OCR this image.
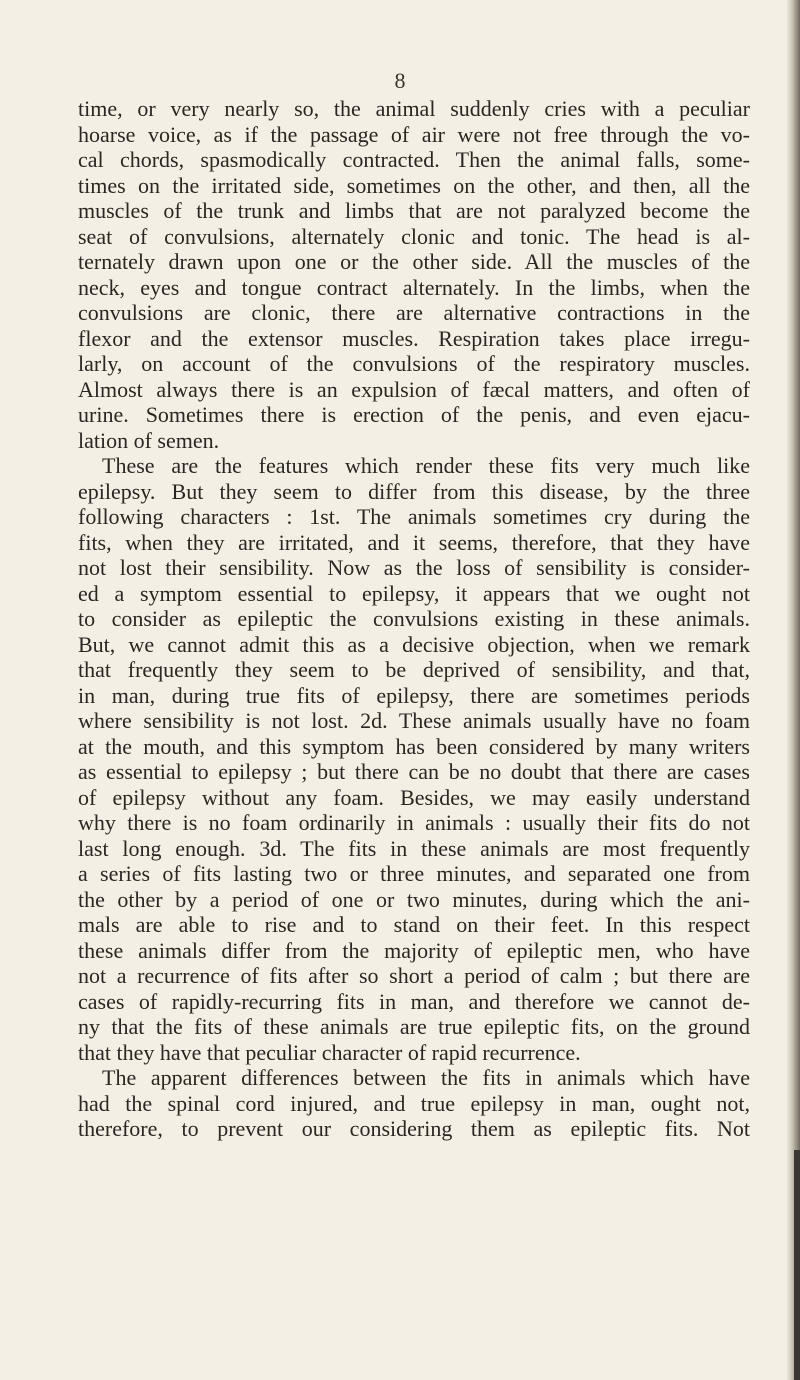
8
time, or very nearly so, the animal suddenly cries with a peculiar
hoarse voice, as if the passage of air were not free through the vo-
cal chords, spasmodically contracted. Then the animal falls, some-
times on the irritated side, sometimes on the other, and then, all the
muscles of the trunk and limbs that are not paralyzed become the
seat of convulsions, alternately clonic and tonic. The head is al-
ternately drawn upon one or the other side. All the muscles of the
neck, eyes and tongue contract alternately. In the limbs, when the
convulsions are clonic, there are alternative contractions in the
flexor and the extensor muscles. Respiration takes place irregu-
larly, on account of the convulsions of the respiratory muscles.
Almost always there is an expulsion of fæcal matters, and often of
urine. Sometimes there is erection of the penis, and even ejacu-
lation of semen.
These are the features which render these fits very much like
epilepsy. But they seem to differ from this disease, by the three
following characters : 1st. The animals sometimes cry during the
fits, when they are irritated, and it seems, therefore, that they have
not lost their sensibility. Now as the loss of sensibility is consider-
ed a symptom essential to epilepsy, it appears that we ought not
to consider as epileptic the convulsions existing in these animals.
But, we cannot admit this as a decisive objection, when we remark
that frequently they seem to be deprived of sensibility, and that,
in man, during true fits of epilepsy, there are sometimes periods
where sensibility is not lost. 2d. These animals usually have no foam
at the mouth, and this symptom has been considered by many writers
as essential to epilepsy ; but there can be no doubt that there are cases
of epilepsy without any foam. Besides, we may easily understand
why there is no foam ordinarily in animals : usually their fits do not
last long enough. 3d. The fits in these animals are most frequently
a series of fits lasting two or three minutes, and separated one from
the other by a period of one or two minutes, during which the ani-
mals are able to rise and to stand on their feet. In this respect
these animals differ from the majority of epileptic men, who have
not a recurrence of fits after so short a period of calm ; but there are
cases of rapidly-recurring fits in man, and therefore we cannot de-
ny that the fits of these animals are true epileptic fits, on the ground
that they have that peculiar character of rapid recurrence.
The apparent differences between the fits in animals which have
had the spinal cord injured, and true epilepsy in man, ought not,
therefore, to prevent our considering them as epileptic fits. Not
